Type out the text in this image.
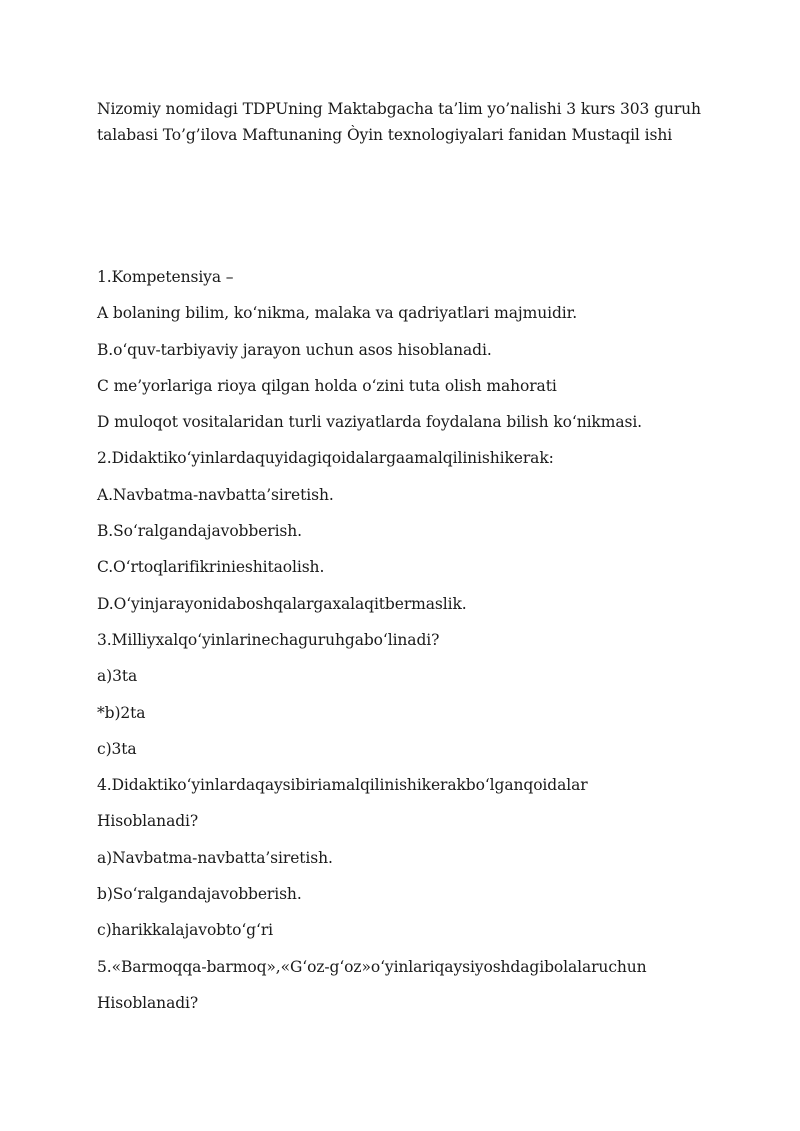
Nizomiy nomidagi TDPUning Maktabgacha ta’lim yo’nalishi 3 kurs 303 guruh

talabasi To’g’ilova Maftunaning Òyin texnologiyalari fanidan Mustaqil ishi

1.Kompetensiya –

A bolaning bilim, koʻnikma, malaka va qadriyatlari majmuidir.

B.oʻquv-tarbiyaviy jarayon uchun asos hisoblanadi.

C me’yorlariga rioya qilgan holda oʻzini tuta olish mahorati

D muloqot vositalaridan turli vaziyatlarda foydalana bilish koʻnikmasi.

2.Didaktikoʻyinlardaquyidagiqoidalargaamalqilinishikerak:

A.Navbatma-navbatta’siretish.

B.Soʻralgandajavobberish.

C.Oʻrtoqlarifikrinieshitaolish.

D.Oʻyinjarayonidaboshqalargaxalaqitbermaslik.

3.Milliyxalqoʻyinlarinechaguruhgaboʻlinadi?

a)3ta

*b)2ta

c)3ta

4.Didaktikoʻyinlardaqaysibiriamalqilinishikerakboʻlganqoidalar

Hisoblanadi?

a)Navbatma-navbatta’siretish.

b)Soʻralgandajavobberish.

c)harikkalajavobtoʻgʻri

5.«Barmoqqa-barmoq»,«Gʻoz-gʻoz»oʻyinlariqaysiyoshdagibolalaruchun

Hisoblanadi?
